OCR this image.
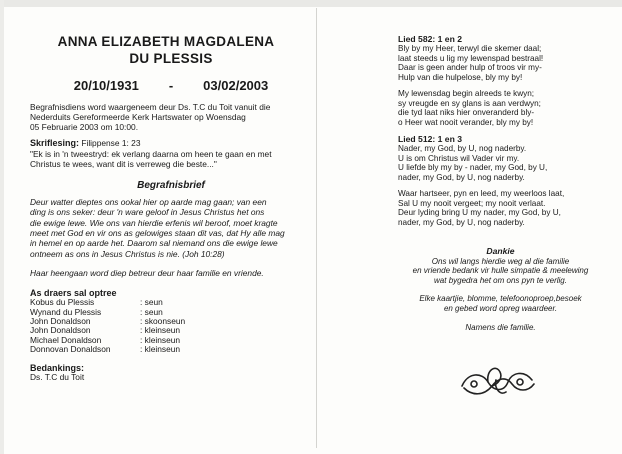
ANNA ELIZABETH MAGDALENA
DU PLESSIS
20/10/1931 - 03/02/2003
Begrafnisdiens word waargeneem deur Ds. T.C du Toit vanuit die
Nederduits Gereformeerde Kerk Hartswater op Woensdag
05 Februarie 2003 om 10:00.
Skriflesing: Filippense 1: 23
"Ek is in 'n tweestryd: ek verlang daarna om heen te gaan en met
Christus te wees, want dit is verreweg die beste..."
Begrafnisbrief
Deur watter dieptes ons ookal hier op aarde mag gaan; van een
ding is ons seker: deur 'n ware geloof in Jesus Christus het ons
die ewige lewe. Wie ons van hierdie erfenis wil beroof, moet kragte
meet met God en vir ons as gelowiges staan dit vas, dat Hy alle mag
in hemel en op aarde het. Daarom sal niemand ons die ewige lewe
ontneem as ons in Jesus Christus is nie. (Joh 10:28)
Haar heengaan word diep betreur deur haar familie en vriende.
As draers sal optree
Kobus du Plessis	: seun
Wynand du Plessis	: seun
John Donaldson	: skoonseun
John Donaldson	: kleinseun
Michael Donaldson	: kleinseun
Donnovan Donaldson	: kleinseun
Bedankings:
Ds. T.C du Toit
Lied 582: 1 en 2
Bly by my Heer, terwyl die skemer daal;
laat steeds u lig my lewenspad bestraal!
Daar is geen ander hulp of troos vir my-
Hulp van die hulpelose, bly my by!
My lewensdag begin alreeds te kwyn;
sy vreugde en sy glans is aan verdwyn;
die tyd laat niks hier onveranderd bly-
o Heer wat nooit verander, bly my by!
Lied 512: 1 en 3
Nader, my God, by U, nog naderby.
U is om Christus wil Vader vir my.
U liefde bly my by - nader, my God, by U,
nader, my God, by U, nog naderby.
Waar hartseer, pyn en leed, my weerloos laat,
Sal U my nooit vergeet; my nooit verlaat.
Deur lyding bring U my nader, my God, by U,
nader, my God, by U, nog naderby.
Dankie
Ons wil langs hierdie weg al die familie
en vriende bedank vir hulle simpatie & meelewing
wat bygedra het om ons pyn te verlig.
Elke kaartjie, blomme, telefoonoproep,besoek
en gebed word opreg waardeer.
Namens die familie.
